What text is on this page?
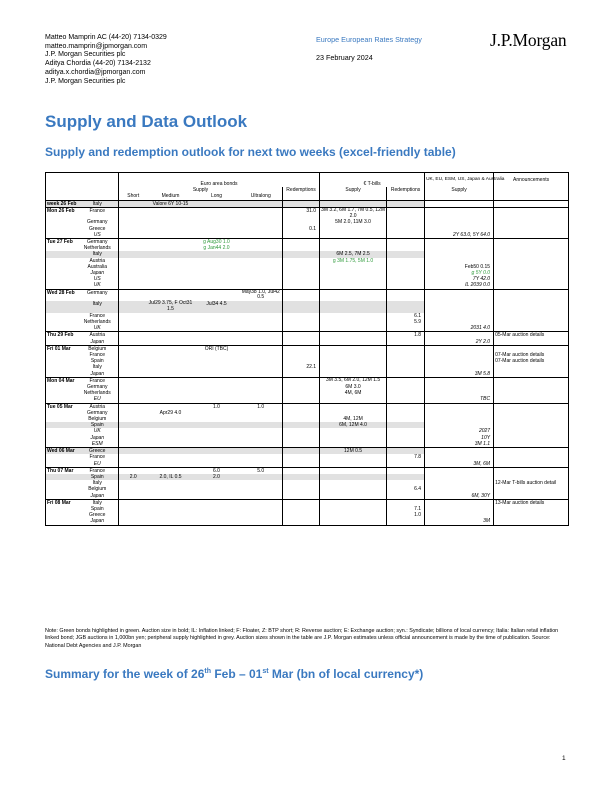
Matteo Mamprin AC (44-20) 7134-0329
matteo.mamprin@jpmorgan.com
J.P. Morgan Securities plc
Aditya Chordia (44-20) 7134-2132
aditya.x.chordia@jpmorgan.com
J.P. Morgan Securities plc
Europe European Rates Strategy
23 February 2024
J.P.Morgan
Supply and Data Outlook
Supply and redemption outlook for next two weeks (excel-friendly table)
		Euro area bonds					€ T-bills		UK, EU, ESM, US, Japan & Australia	Announcements
		Supply				Redemptions	Supply	Redemptions	Supply	
		Short	Medium	Long	Ultralong					
week 26 Feb	Italy		Valore 6Y 10-15							
Mon 26 Feb	France					31.0	3M 3.2, 6M 1.7, 7M 0.5, 12M 2.0			
	Germany						5M 2.0, 11M 3.0			
	Greece					0.1				
	US								2Y 63.0, 5Y 64.0	
Tue 27 Feb	Germany			g Aug30 1.0						
	Netherlands			g Jan44 2.0						
	Italy						6M 2.5, 7M 2.5			
	Austria						g 3M 1.75, 5M 1.0			
	Australia								Feb50 0.15	
	Japan								g 5Y 0.0	
	US								7Y 42.0	
	UK								IL 2039 0.0	
Wed 28 Feb	Germany				May38 1.0, Jul42 0.5					
	Italy		Jul29 3.75, F Oct31 1.5	Jul34 4.5						
	France							6.1		
	Netherlands							5.9		
	UK								2031 4.0	
Thu 29 Feb	Austria							1.8		05-Mar auction details
	Japan								2Y 2.0	
Fri 01 Mar	Belgium			ORI (TBC)						
	France									07-Mar auction details
	Spain									07-Mar auction details
	Italy					22.1				
	Japan								3M 5.8	
Mon 04 Mar	France						3M 3.5, 6M 2.0, 12M 1.5			
	Germany						6M 3.0			
	Netherlands						4M, 6M			
	EU								TBC	
Tue 05 Mar	Austria			1.0	1.0					
	Germany		Apr29 4.0							
	Belgium						4M, 12M			
	Spain						6M, 12M 4.0			
	UK								2027	
	Japan								10Y	
	ESM								3M 1.1	
Wed 06 Mar	Greece						12M 0.5			
	France							7.8		
	EU								3M, 6M	
Thu 07 Mar	France			6.0	5.0					
	Spain	2.0	2.0, IL 0.5	2.0						
	Italy									12-Mar T-bills auction detail
	Belgium							6.4		
	Japan								6M, 30Y	
Fri 08 Mar	Italy									13-Mar auction details
	Spain							7.1		
	Greece							1.0		
	Japan								3M	
Note: Green bonds highlighted in green. Auction size in bold; IL: Inflation linked; F: Floater, Z: BTP short; R: Reverse auction; E: Exchange auction; syn.: Syndicate; billions of local currency; Italia: Italian retail inflation linked bond; JGB auctions in 1,000bn yen; peripheral supply highlighted in grey. Auction sizes shown in the table are J.P. Morgan estimates unless official announcement is made by the time of publication. Source: National Debt Agencies and J.P. Morgan
Summary for the week of 26th Feb – 01st Mar (bn of local currency*)
1
